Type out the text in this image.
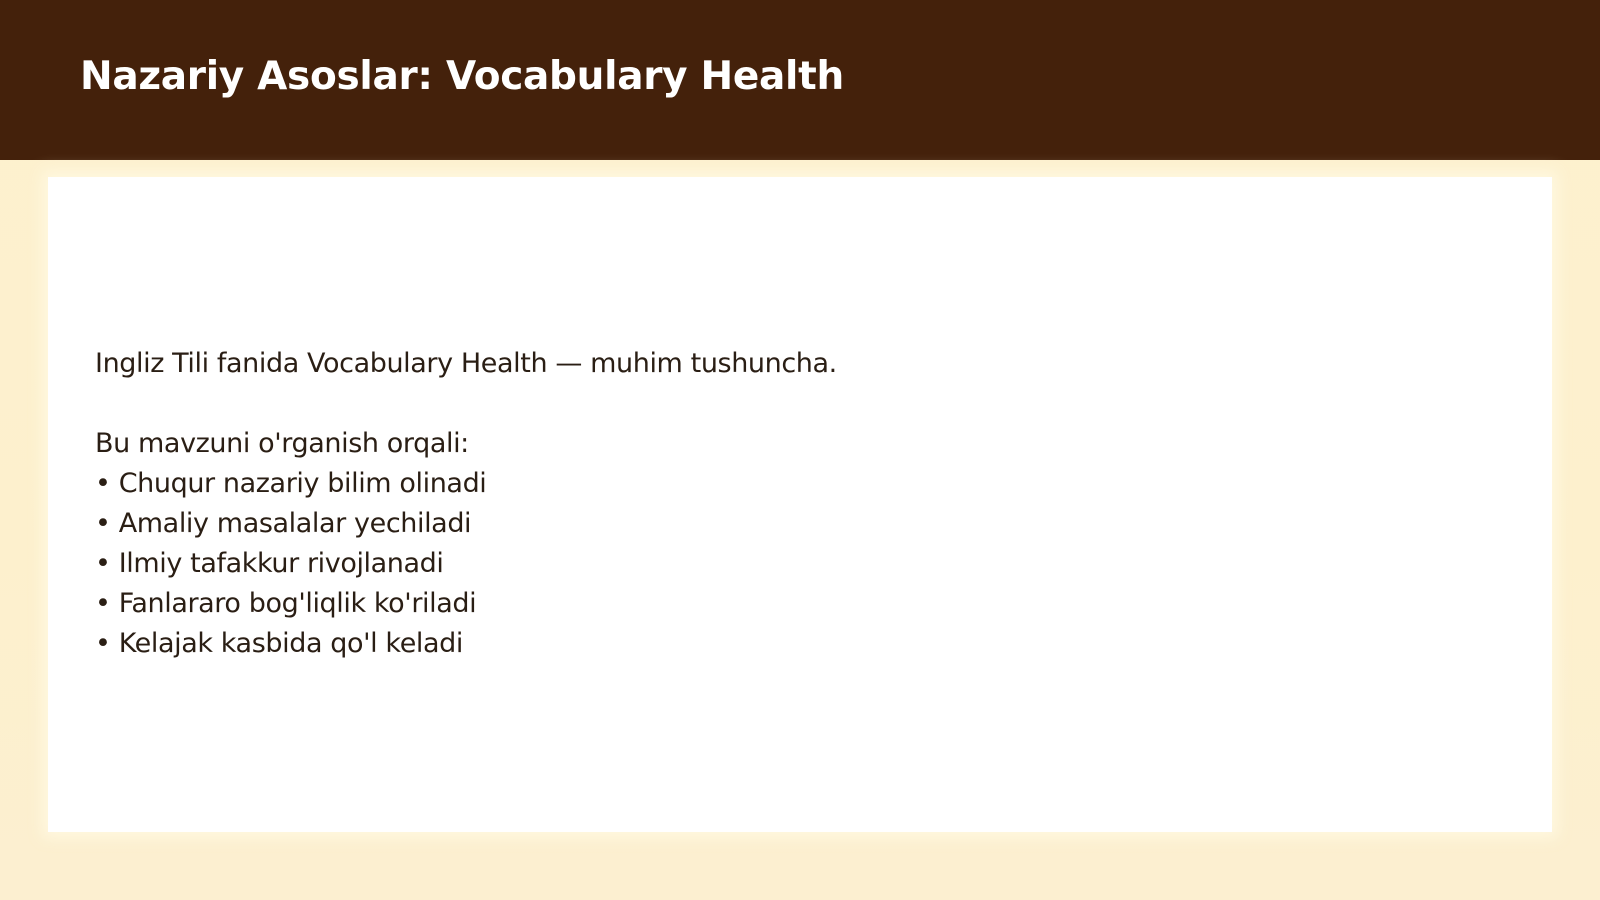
Nazariy Asoslar: Vocabulary Health

Ingliz Tili fanida Vocabulary Health — muhim tushuncha.

Bu mavzuni o'rganish orqali:

• Chuqur nazariy bilim olinadi
• Amaliy masalalar yechiladi
• Ilmiy tafakkur rivojlanadi
• Fanlararo bog'liqlik ko'riladi
• Kelajak kasbida qo'l keladi
